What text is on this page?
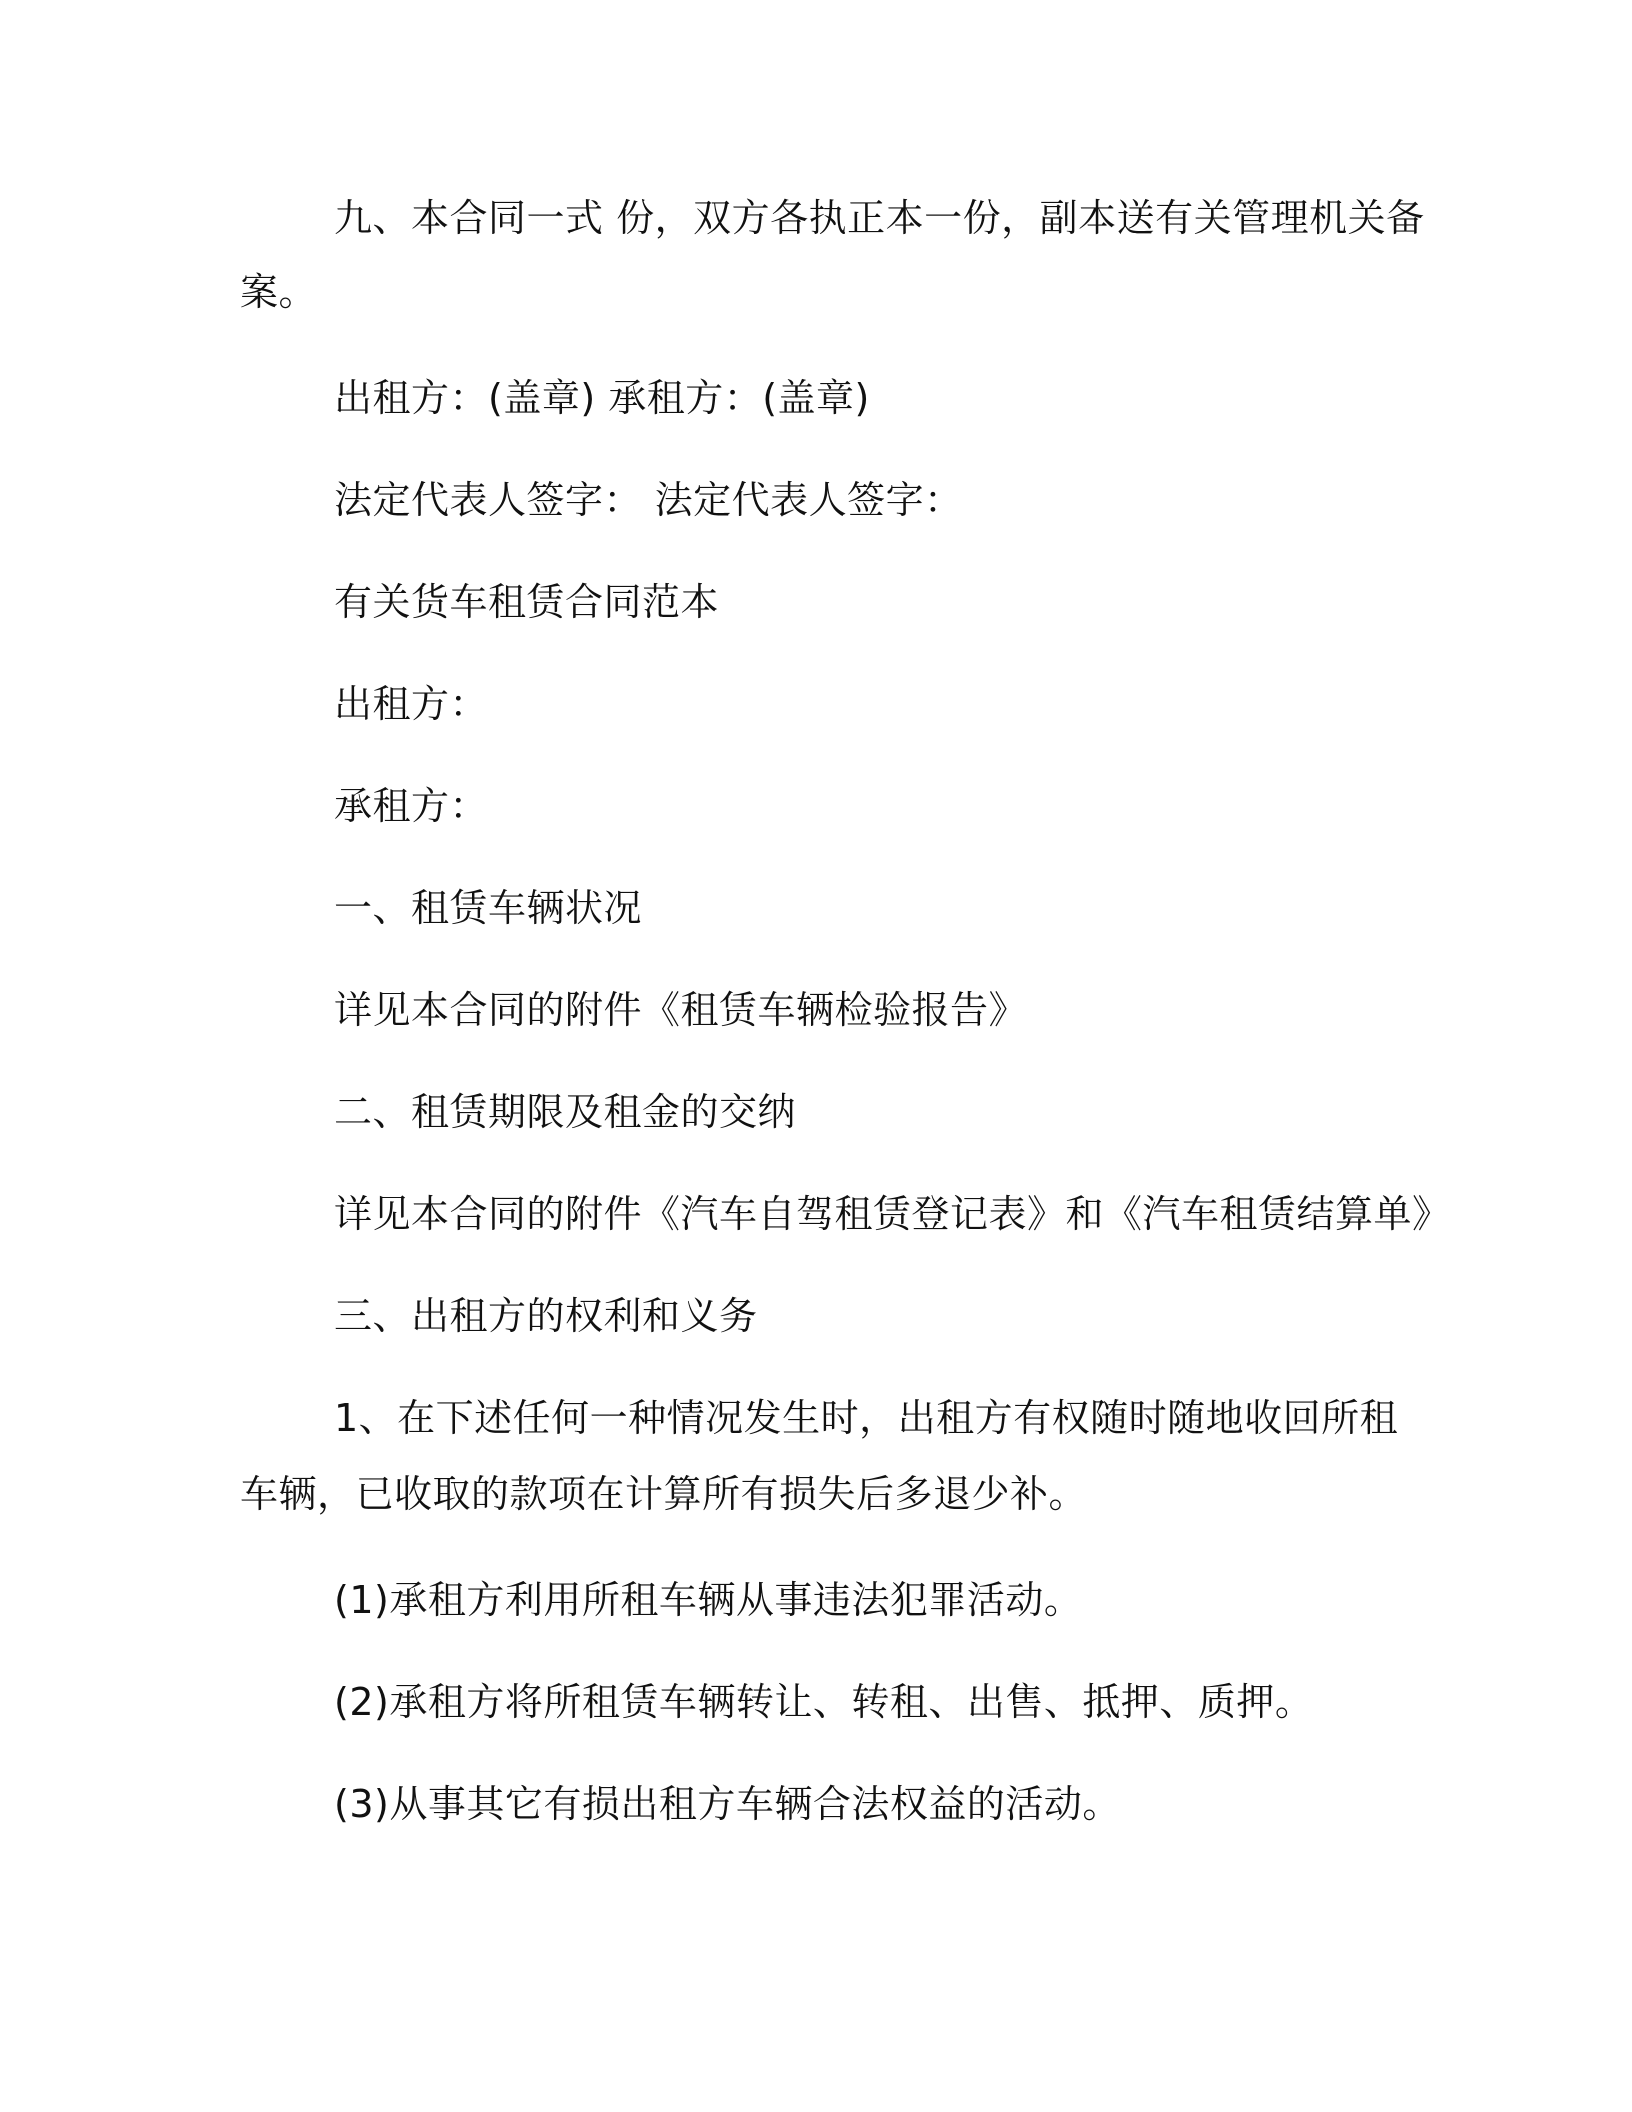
九、本合同一式 份，双方各执正本一份，副本送有关管理机关备
案。
出租方：(盖章) 承租方：(盖章)
法定代表人签字： 法定代表人签字：
有关货车租赁合同范本
出租方：
承租方：
一、租赁车辆状况
详见本合同的附件《租赁车辆检验报告》
二、租赁期限及租金的交纳
详见本合同的附件《汽车自驾租赁登记表》和《汽车租赁结算单》
三、出租方的权利和义务
1、在下述任何一种情况发生时，出租方有权随时随地收回所租
车辆，已收取的款项在计算所有损失后多退少补。
(1)承租方利用所租车辆从事违法犯罪活动。
(2)承租方将所租赁车辆转让、转租、出售、抵押、质押。
(3)从事其它有损出租方车辆合法权益的活动。
